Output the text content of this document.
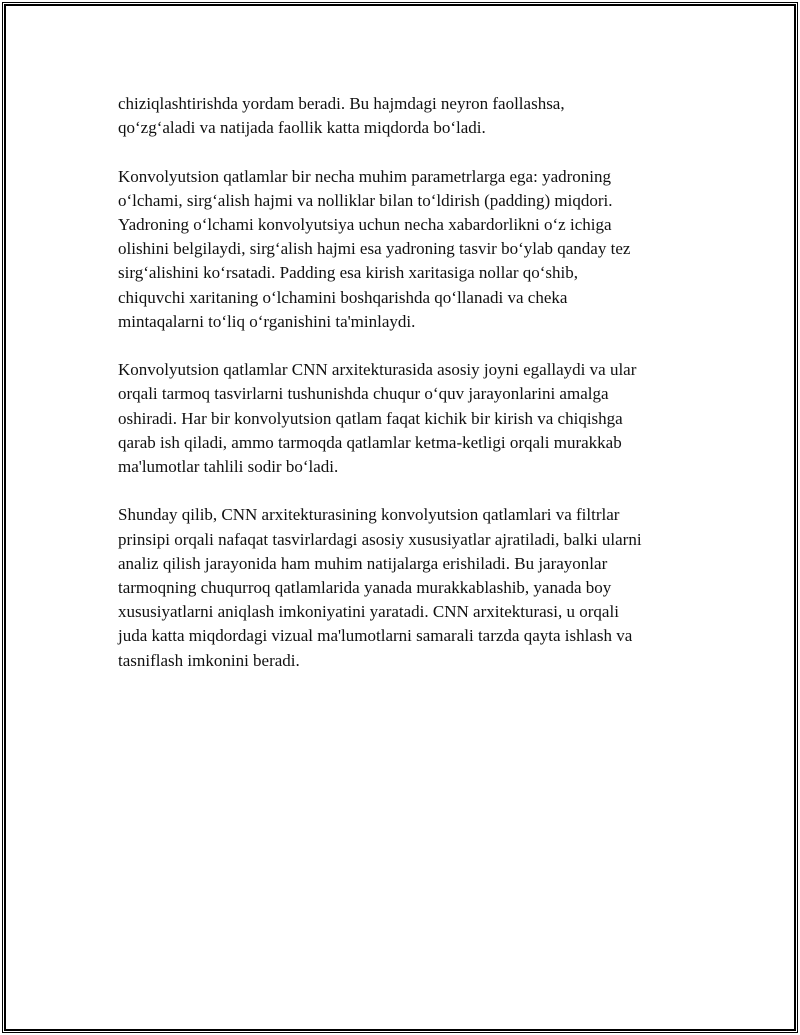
chiziqlashtirishda yordam beradi. Bu hajmdagi neyron faollashsa,
qo‘zg‘aladi va natijada faollik katta miqdorda bo‘ladi.

Konvolyutsion qatlamlar bir necha muhim parametrlarga ega: yadroning
o‘lchami, sirg‘alish hajmi va nolliklar bilan to‘ldirish (padding) miqdori.
Yadroning o‘lchami konvolyutsiya uchun necha xabardorlikni o‘z ichiga
olishini belgilaydi, sirg‘alish hajmi esa yadroning tasvir bo‘ylab qanday tez
sirg‘alishini ko‘rsatadi. Padding esa kirish xaritasiga nollar qo‘shib,
chiquvchi xaritaning o‘lchamini boshqarishda qo‘llanadi va cheka
mintaqalarni to‘liq o‘rganishini ta'minlaydi.

Konvolyutsion qatlamlar CNN arxitekturasida asosiy joyni egallaydi va ular
orqali tarmoq tasvirlarni tushunishda chuqur o‘quv jarayonlarini amalga
oshiradi. Har bir konvolyutsion qatlam faqat kichik bir kirish va chiqishga
qarab ish qiladi, ammo tarmoqda qatlamlar ketma-ketligi orqali murakkab
ma'lumotlar tahlili sodir bo‘ladi.

Shunday qilib, CNN arxitekturasining konvolyutsion qatlamlari va filtrlar
prinsipi orqali nafaqat tasvirlardagi asosiy xususiyatlar ajratiladi, balki ularni
analiz qilish jarayonida ham muhim natijalarga erishiladi. Bu jarayonlar
tarmoqning chuqurroq qatlamlarida yanada murakkablashib, yanada boy
xususiyatlarni aniqlash imkoniyatini yaratadi. CNN arxitekturasi, u orqali
juda katta miqdordagi vizual ma'lumotlarni samarali tarzda qayta ishlash va
tasniflash imkonini beradi.
